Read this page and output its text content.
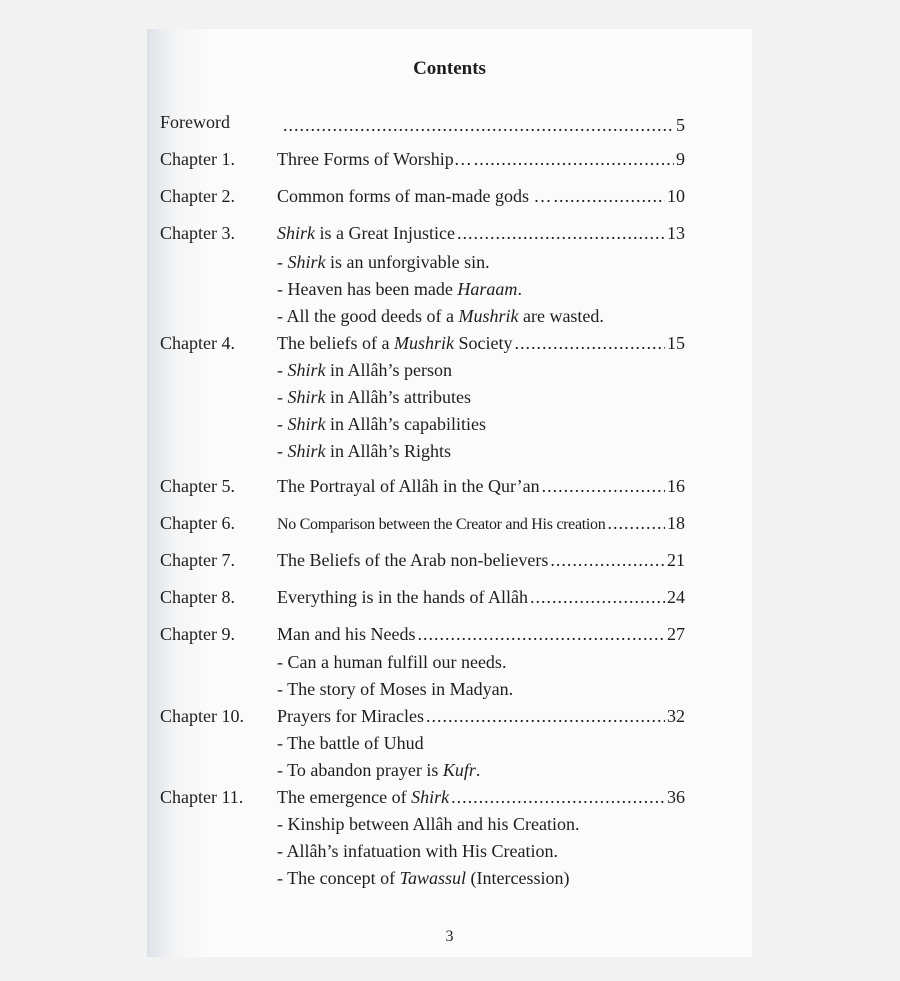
Contents
Foreword .....	5
Chapter 1. Three Forms of Worship… .....	9
Chapter 2. Common forms of man-made gods … .....	10
Chapter 3. Shirk is a Great Injustice .....	13
- Shirk is an unforgivable sin.
- Heaven has been made Haraam.
- All the good deeds of a Mushrik are wasted.
Chapter 4. The beliefs of a Mushrik Society .....	15
- Shirk in Allâh’s person
- Shirk in Allâh’s attributes
- Shirk in Allâh’s capabilities
- Shirk in Allâh’s Rights
Chapter 5. The Portrayal of Allâh in the Qur’an .....	16
Chapter 6.	No Comparison between the Creator and His creation .....	18
Chapter 7. The Beliefs of the Arab non-believers .....	21
Chapter 8. Everything is in the hands of Allâh .....	24
Chapter 9. Man and his Needs .....	27
- Can a human fulfill our needs.
- The story of Moses in Madyan.
Chapter 10. Prayers for Miracles .....	32
- The battle of Uhud
- To abandon prayer is Kufr.
Chapter 11. The emergence of Shirk .....	36
- Kinship between Allâh and his Creation.
- Allâh’s infatuation with His Creation.
- The concept of Tawassul (Intercession)
3
